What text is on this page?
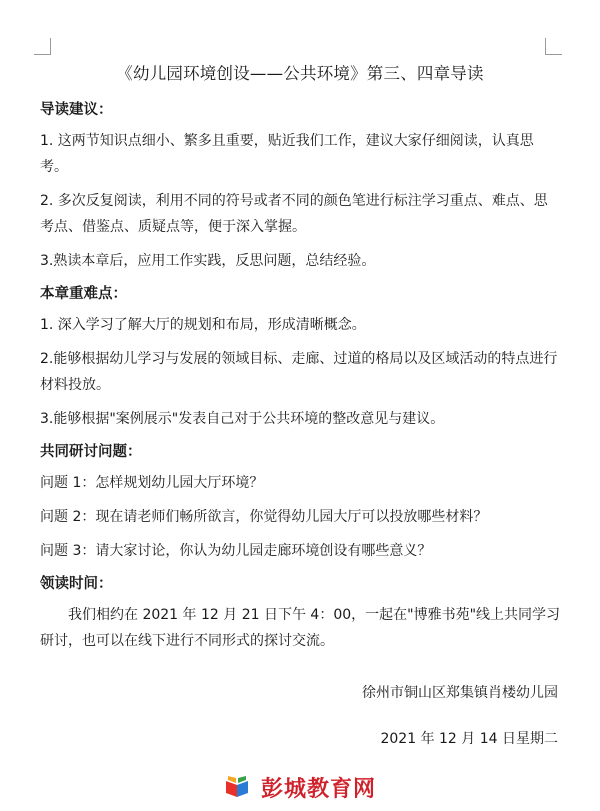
《幼儿园环境创设——公共环境》第三、四章导读
导读建议：

1. 这两节知识点细小、繁多且重要，贴近我们工作，建议大家仔细阅读，认真思考。

2. 多次反复阅读，利用不同的符号或者不同的颜色笔进行标注学习重点、难点、思考点、借鉴点、质疑点等，便于深入掌握。

3.熟读本章后，应用工作实践，反思问题，总结经验。

本章重难点：

1. 深入学习了解大厅的规划和布局，形成清晰概念。

2.能够根据幼儿学习与发展的领域目标、走廊、过道的格局以及区域活动的特点进行材料投放。

3.能够根据"案例展示"发表自己对于公共环境的整改意见与建议。

共同研讨问题：

问题 1：怎样规划幼儿园大厅环境？

问题 2：现在请老师们畅所欲言，你觉得幼儿园大厅可以投放哪些材料？

问题 3：请大家讨论，你认为幼儿园走廊环境创设有哪些意义？

领读时间：

我们相约在 2021 年 12 月 21 日下午 4：00，一起在"博雅书苑"线上共同学习研讨，也可以在线下进行不同形式的探讨交流。

徐州市铜山区郑集镇肖楼幼儿园
2021 年 12 月 14 日星期二
彭城教育网
